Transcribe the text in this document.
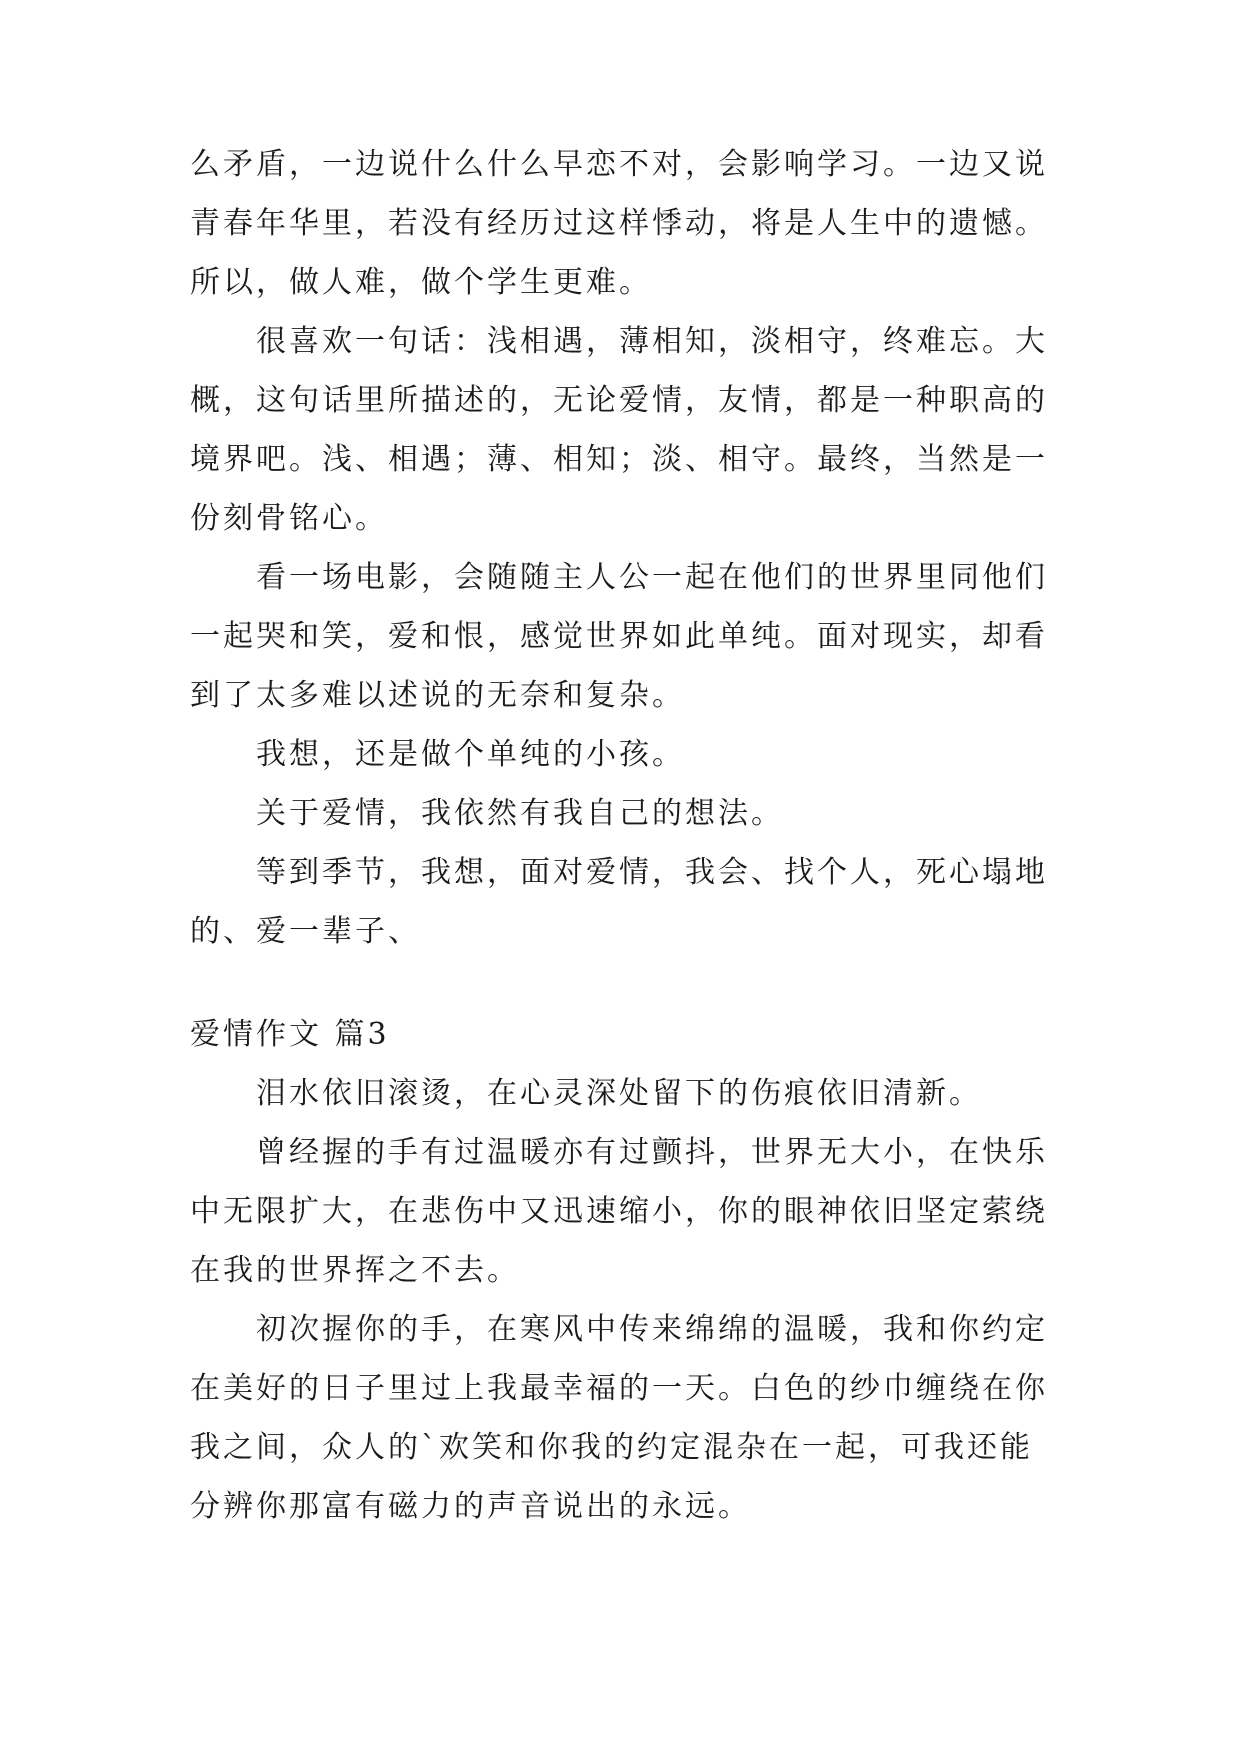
么矛盾，一边说什么什么早恋不对，会影响学习。一边又说
青春年华里，若没有经历过这样悸动，将是人生中的遗憾。
所以，做人难，做个学生更难。
很喜欢一句话：浅相遇，薄相知，淡相守，终难忘。大
概，这句话里所描述的，无论爱情，友情，都是一种职高的
境界吧。浅、相遇；薄、相知；淡、相守。最终，当然是一
份刻骨铭心。
看一场电影，会随随主人公一起在他们的世界里同他们
一起哭和笑，爱和恨，感觉世界如此单纯。面对现实，却看
到了太多难以述说的无奈和复杂。
我想，还是做个单纯的小孩。
关于爱情，我依然有我自己的想法。
等到季节，我想，面对爱情，我会、找个人，死心塌地
的、爱一辈子、
爱情作文 篇3
泪水依旧滚烫，在心灵深处留下的伤痕依旧清新。
曾经握的手有过温暖亦有过颤抖，世界无大小，在快乐
中无限扩大，在悲伤中又迅速缩小，你的眼神依旧坚定萦绕
在我的世界挥之不去。
初次握你的手，在寒风中传来绵绵的温暖，我和你约定
在美好的日子里过上我最幸福的一天。白色的纱巾缠绕在你
我之间，众人的`欢笑和你我的约定混杂在一起，可我还能
分辨你那富有磁力的声音说出的永远。
